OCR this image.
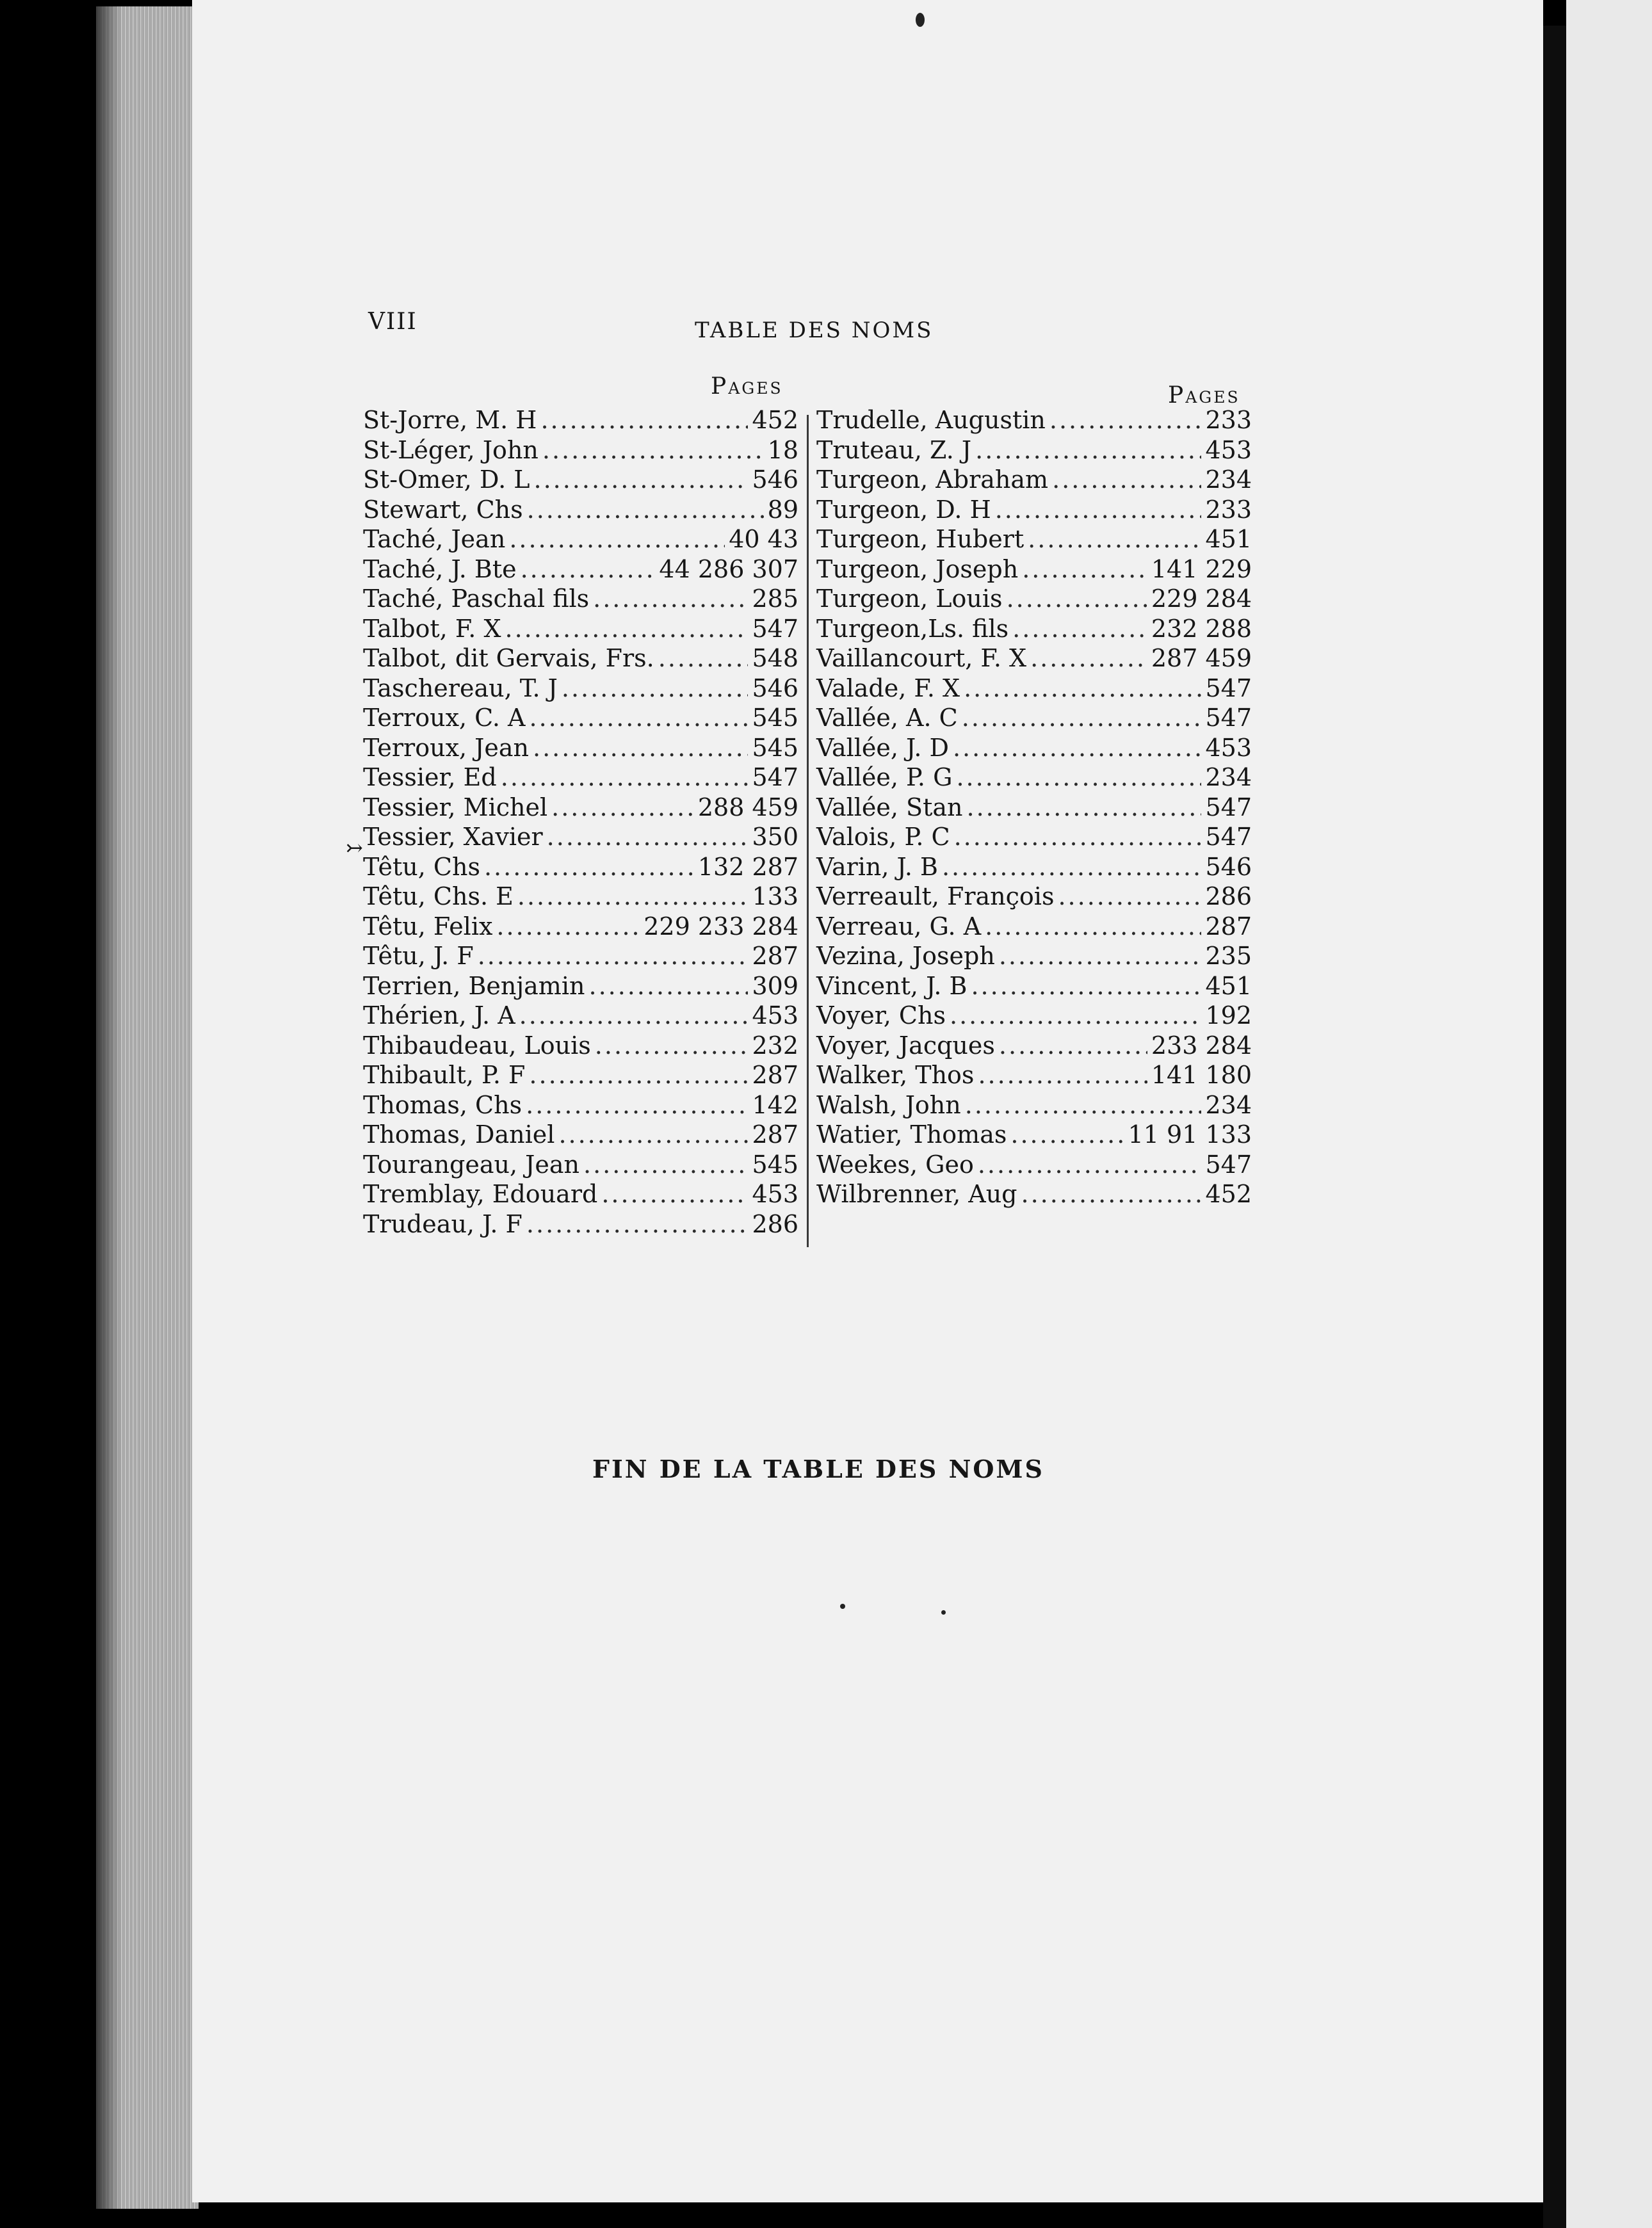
VIII	TABLE DES NOMS
Pages	Pages
St-Jorre, M. H .....	452
St-Léger, John .....	18
St-Omer, D. L .....	546
Stewart, Chs .....	89
Taché, Jean .....	40 43
Taché, J. Bte .....	44 286 307
Taché, Paschal fils .....	285
Talbot, F. X .....	547
Talbot, dit Gervais, Frs. .....	548
Taschereau, T. J .....	546
Terroux, C. A .....	545
Terroux, Jean .....	545
Tessier, Ed .....	547
Tessier, Michel .....	288 459
Tessier, Xavier .....	350
Têtu, Chs .....	132 287
Têtu, Chs. E .....	133
Têtu, Felix .....	229 233 284
Têtu, J. F .....	287
Terrien, Benjamin .....	309
Thérien, J. A .....	453
Thibaudeau, Louis .....	232
Thibault, P. F .....	287
Thomas, Chs .....	142
Thomas, Daniel .....	287
Tourangeau, Jean .....	545
Tremblay, Edouard .....	453
Trudeau, J. F .....	286
Trudelle, Augustin .....	233
Truteau, Z. J .....	453
Turgeon, Abraham .....	234
Turgeon, D. H .....	233
Turgeon, Hubert .....	451
Turgeon, Joseph .....	141 229
Turgeon, Louis .....	229 284
Turgeon,Ls. fils .....	232 288
Vaillancourt, F. X .....	287 459
Valade, F. X .....	547
Vallée, A. C .....	547
Vallée, J. D .....	453
Vallée, P. G .....	234
Vallée, Stan .....	547
Valois, P. C .....	547
Varin, J. B .....	546
Verreault, François .....	286
Verreau, G. A .....	287
Vezina, Joseph .....	235
Vincent, J. B .....	451
Voyer, Chs .....	192
Voyer, Jacques .....	233 284
Walker, Thos .....	141 180
Walsh, John .....	234
Watier, Thomas .....	11 91 133
Weekes, Geo .....	547
Wilbrenner, Aug .....	452
↣
FIN DE LA TABLE DES NOMS
